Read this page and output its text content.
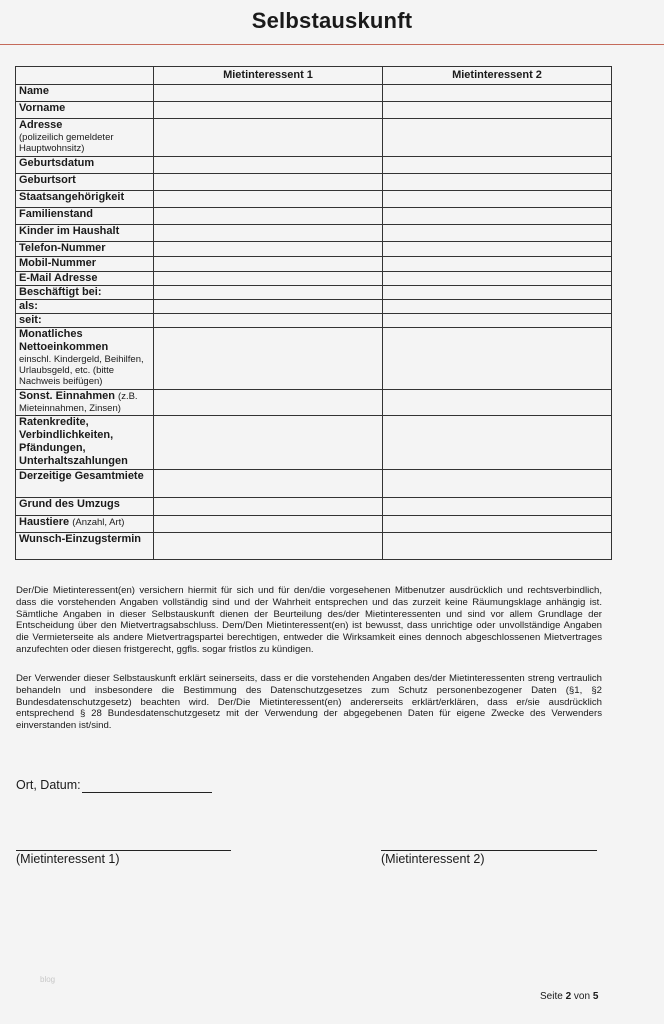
Selbstauskunft
	Mietinteressent 1	Mietinteressent 2
Name		
Vorname		
Adresse
(polizeilich gemeldeter Hauptwohnsitz)		

Geburtsdatum		
Geburtsort		
Staatsangehörigkeit		
Familienstand		
Kinder im Haushalt		
Telefon-Nummer		
Mobil-Nummer		
E-Mail Adresse		
Beschäftigt bei:		
als:		
seit:		
Monatliches Nettoeinkommen
einschl. Kindergeld, Beihilfen, Urlaubsgeld, etc. (bitte Nachweis beifügen)		

Sonst. Einnahmen (z.B.
Mieteinnahmen, Zinsen)		

Ratenkredite, Verbindlichkeiten, Pfändungen, Unterhaltszahlungen		
Derzeitige Gesamtmiete		
Grund des Umzugs		
Haustiere (Anzahl, Art)		
Wunsch-Einzugstermin		
Der/Die Mietinteressent(en) versichern hiermit für sich und für den/die vorgesehenen Mitbenutzer ausdrücklich und rechtsverbindlich, dass die vorstehenden Angaben vollständig sind und der Wahrheit entsprechen und das zurzeit keine Räumungsklage anhängig ist. Sämtliche Angaben in dieser Selbstauskunft dienen der Beurteilung des/der Mietinteressenten und sind vor allem Grundlage der Entscheidung über den Mietvertragsabschluss. Dem/Den Mietinteressent(en) ist bewusst, dass unrichtige oder unvollständige Angaben die Vermieterseite als andere Mietvertragspartei berechtigen, entweder die Wirksamkeit eines dennoch abgeschlossenen Mietvertrages anzufechten oder diesen fristgerecht, ggfls. sogar fristlos zu kündigen.
Der Verwender dieser Selbstauskunft erklärt seinerseits, dass er die vorstehenden Angaben des/der Mietinteressenten streng vertraulich behandeln und insbesondere die Bestimmung des Datenschutzgesetzes zum Schutz personenbezogener Daten (§1, §2 Bundesdatenschutzgesetz) beachten wird. Der/Die Mietinteressent(en) andererseits erklärt/erklären, dass er/sie ausdrücklich entsprechend § 28 Bundesdatenschutzgesetz mit der Verwendung der abgegebenen Daten für eigene Zwecke des Verwenders einverstanden ist/sind.
Ort, Datum:
(Mietinteressent 1)	(Mietinteressent 2)
blog
Seite 2 von 5
